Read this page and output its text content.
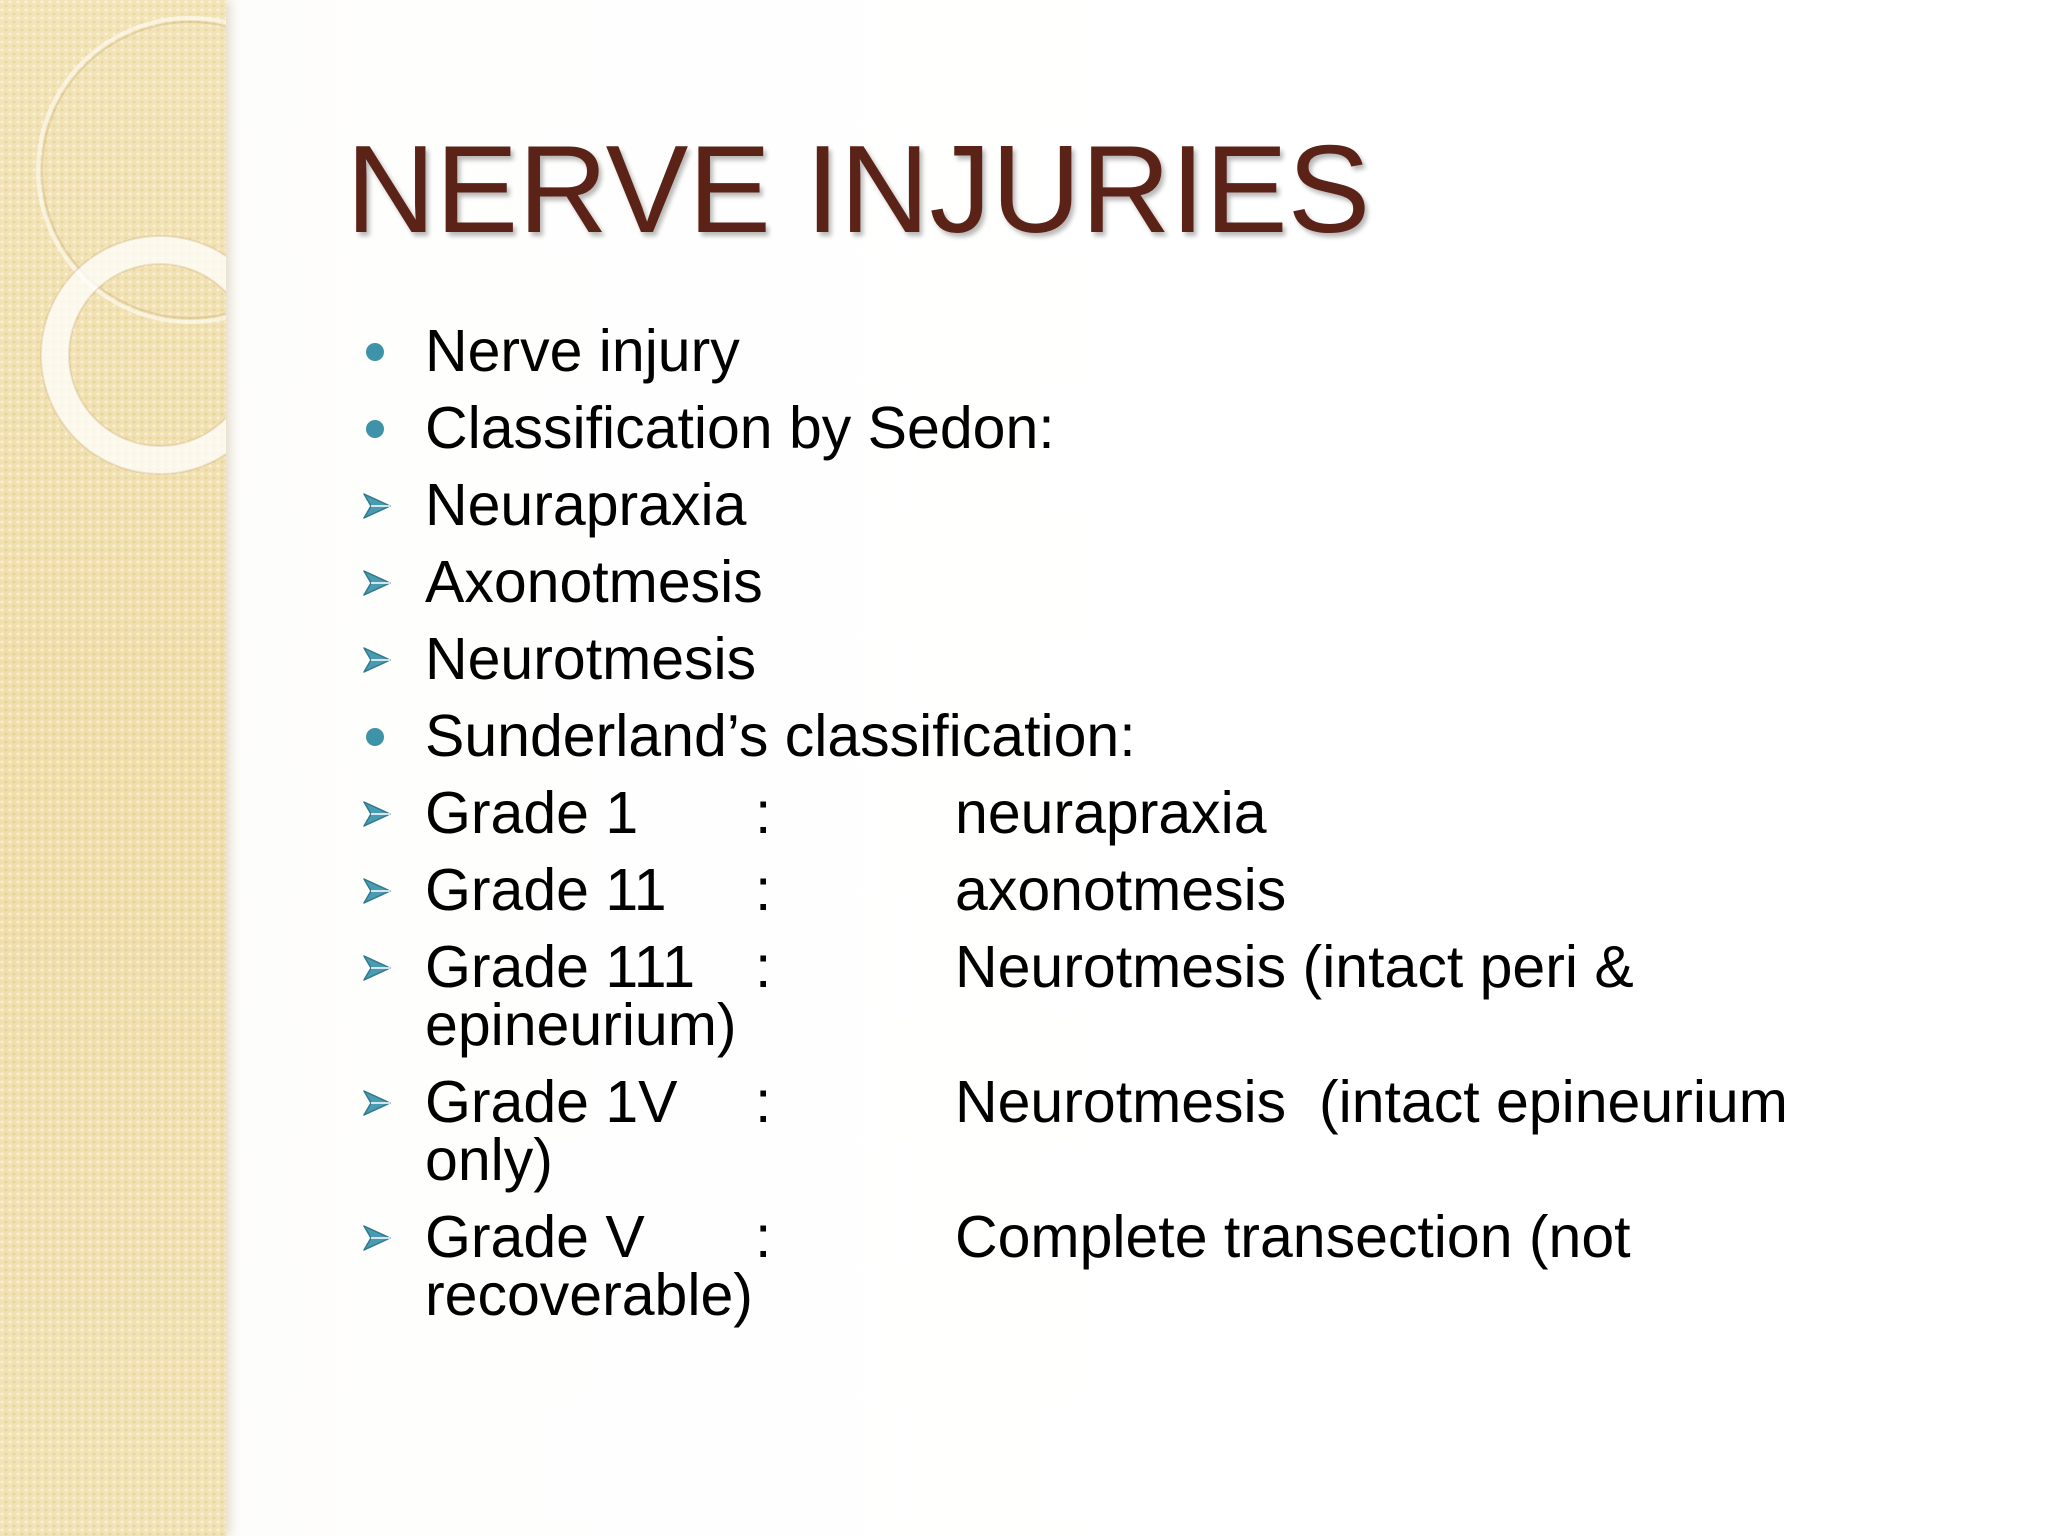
NERVE INJURIES
Nerve injury
Classification by Sedon:
Neurapraxia
Axonotmesis
Neurotmesis
Sunderland’s classification:
Grade 1 :	neurapraxia
Grade 11 :	axonotmesis
Grade 111 :	Neurotmesis (intact peri &
epineurium)
Grade 1V :	Neurotmesis  (intact epineurium
only)
Grade V :	Complete transection (not
recoverable)
